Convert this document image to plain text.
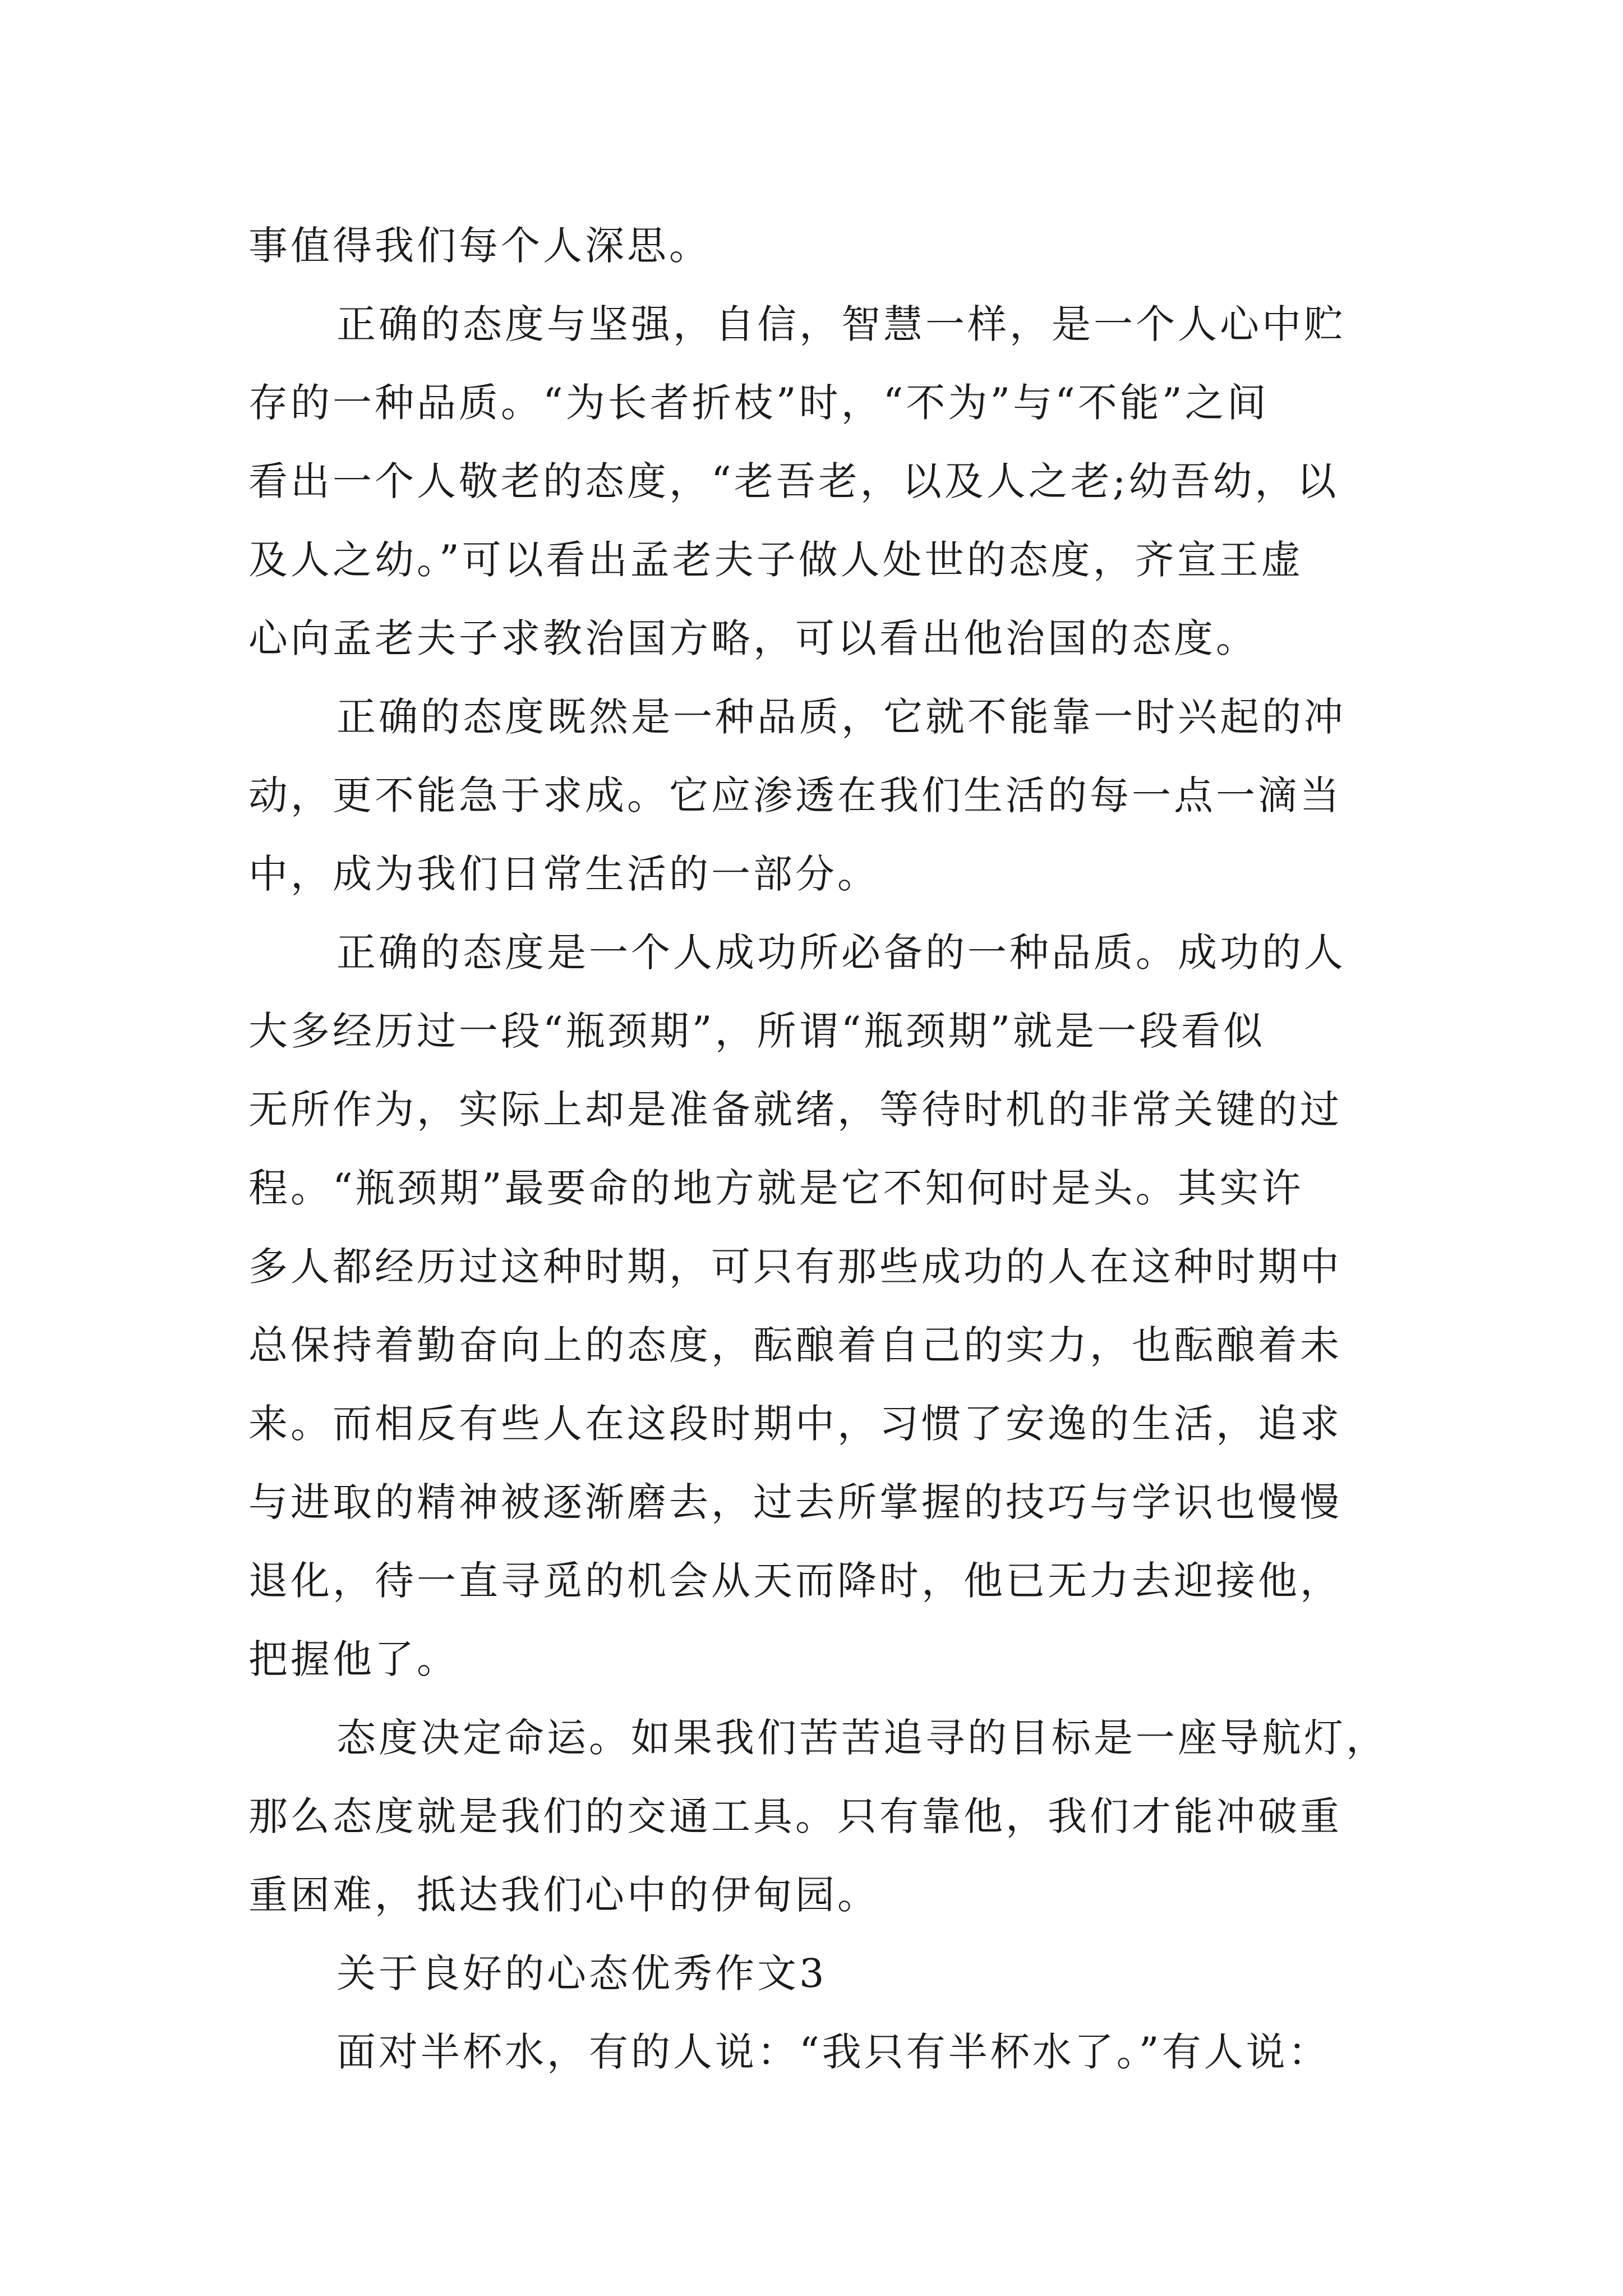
事值得我们每个人深思。
正确的态度与坚强，自信，智慧一样，是一个人心中贮
存的一种品质。“为长者折枝”时，“不为”与“不能”之间
看出一个人敬老的态度，“老吾老，以及人之老;幼吾幼，以
及人之幼。”可以看出孟老夫子做人处世的态度，齐宣王虚
心向孟老夫子求教治国方略，可以看出他治国的态度。
正确的态度既然是一种品质，它就不能靠一时兴起的冲
动，更不能急于求成。它应渗透在我们生活的每一点一滴当
中，成为我们日常生活的一部分。
正确的态度是一个人成功所必备的一种品质。成功的人
大多经历过一段“瓶颈期”，所谓“瓶颈期”就是一段看似
无所作为，实际上却是准备就绪，等待时机的非常关键的过
程。“瓶颈期”最要命的地方就是它不知何时是头。其实许
多人都经历过这种时期，可只有那些成功的人在这种时期中
总保持着勤奋向上的态度，酝酿着自己的实力，也酝酿着未
来。而相反有些人在这段时期中，习惯了安逸的生活，追求
与进取的精神被逐渐磨去，过去所掌握的技巧与学识也慢慢
退化，待一直寻觅的机会从天而降时，他已无力去迎接他，
把握他了。
态度决定命运。如果我们苦苦追寻的目标是一座导航灯，
那么态度就是我们的交通工具。只有靠他，我们才能冲破重
重困难，抵达我们心中的伊甸园。
关于良好的心态优秀作文3
面对半杯水，有的人说：“我只有半杯水了。”有人说：
